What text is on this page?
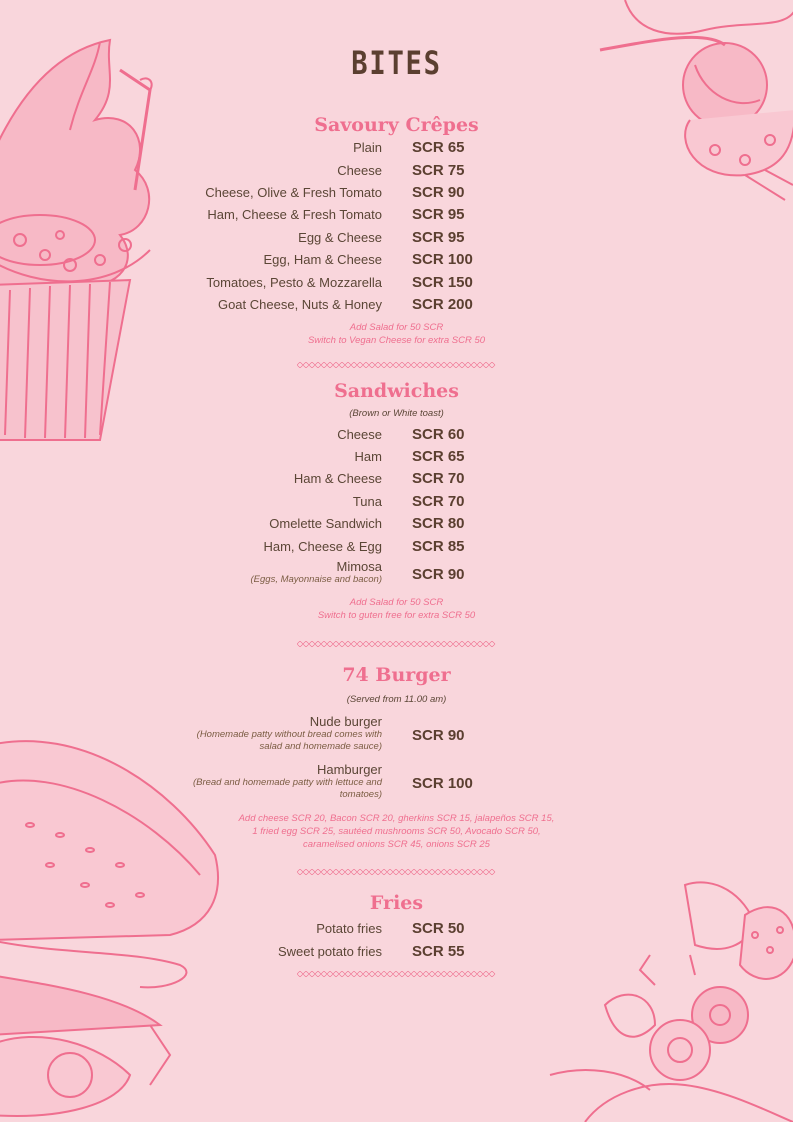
BITES
Savoury Crêpes
Plain SCR 65
Cheese SCR 75
Cheese, Olive & Fresh Tomato SCR 90
Ham, Cheese & Fresh Tomato SCR 95
Egg & Cheese SCR 95
Egg, Ham & Cheese SCR 100
Tomatoes, Pesto & Mozzarella SCR 150
Goat Cheese, Nuts & Honey SCR 200
Add Salad for 50 SCR
Switch to Vegan Cheese for extra SCR 50
Sandwiches
(Brown or White toast)
Cheese SCR 60
Ham SCR 65
Ham & Cheese SCR 70
Tuna SCR 70
Omelette Sandwich SCR 80
Ham, Cheese & Egg SCR 85
Mimosa
(Eggs, Mayonnaise and bacon) SCR 90
Add Salad for 50 SCR
Switch to guten free for extra SCR 50
74 Burger
(Served from 11.00 am)
Nude burger
(Homemade patty without bread comes with
salad and homemade sauce)
SCR 90
Hamburger
(Bread and homemade patty with lettuce and
tomatoes)
SCR 100
Add cheese SCR 20, Bacon SCR 20, gherkins SCR 15, jalapeños SCR 15,
1 fried egg SCR 25, sautéed mushrooms SCR 50, Avocado SCR 50,
caramelised onions SCR 45, onions SCR 25
Fries
Potato fries SCR 50
Sweet potato fries SCR 55
